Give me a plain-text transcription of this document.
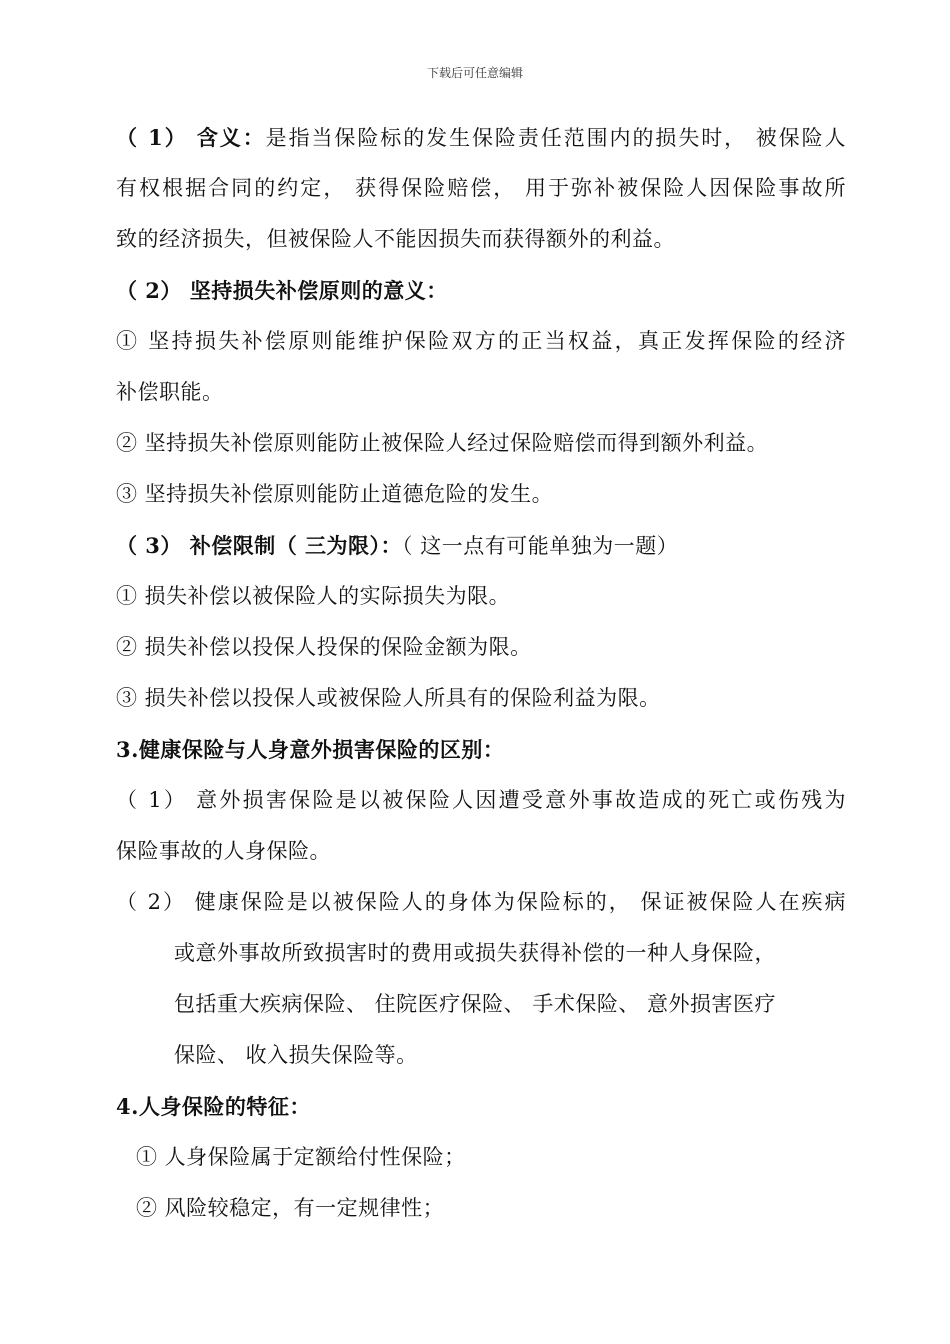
下载后可任意编辑
（ 1） 含义：是指当保险标的发生保险责任范围内的损失时， 被保险人
有权根据合同的约定， 获得保险赔偿， 用于弥补被保险人因保险事故所
致的经济损失，但被保险人不能因损失而获得额外的利益。
（ 2） 坚持损失补偿原则的意义：
① 坚持损失补偿原则能维护保险双方的正当权益，真正发挥保险的经济
补偿职能。
② 坚持损失补偿原则能防止被保险人经过保险赔偿而得到额外利益。
③ 坚持损失补偿原则能防止道德危险的发生。
（ 3） 补偿限制（ 三为限）：（ 这一点有可能单独为一题）
① 损失补偿以被保险人的实际损失为限。
② 损失补偿以投保人投保的保险金额为限。
③ 损失补偿以投保人或被保险人所具有的保险利益为限。
3.健康保险与人身意外损害保险的区别：
（ 1） 意外损害保险是以被保险人因遭受意外事故造成的死亡或伤残为
保险事故的人身保险。
（ 2） 健康保险是以被保险人的身体为保险标的， 保证被保险人在疾病
或意外事故所致损害时的费用或损失获得补偿的一种人身保险，
包括重大疾病保险、 住院医疗保险、 手术保险、 意外损害医疗
保险、 收入损失保险等。
4.人身保险的特征：
① 人身保险属于定额给付性保险；
② 风险较稳定，有一定规律性；
